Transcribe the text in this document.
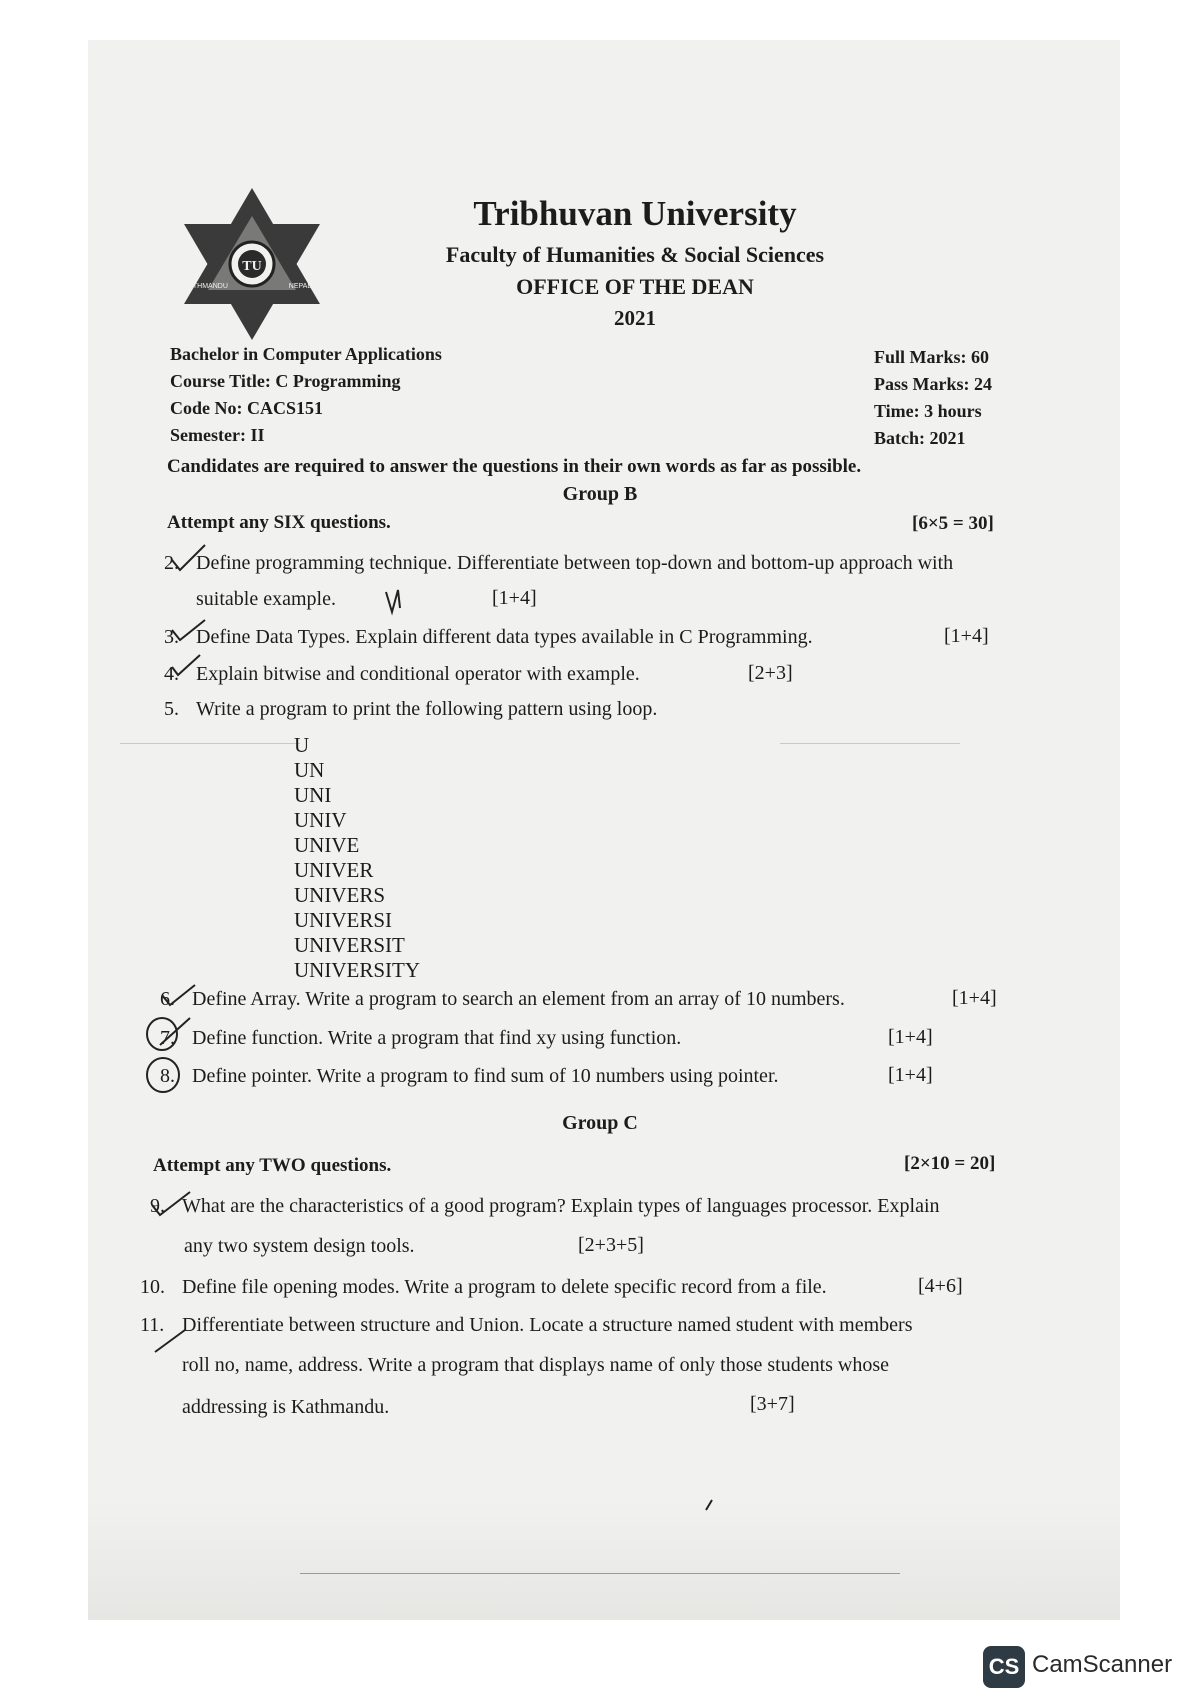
TU
KATHMANDU	NEPAL
Tribhuvan University
Faculty of Humanities & Social Sciences
OFFICE OF THE DEAN
2021
Bachelor in Computer Applications
Course Title: C Programming
Code No: CACS151
Semester: II
Full Marks: 60
Pass Marks: 24
Time: 3 hours
Batch: 2021
Candidates are required to answer the questions in their own words as far as possible.
Group B
Attempt any SIX questions.	[6×5 = 30]
2. Define programming technique. Differentiate between top-down and bottom-up approach with
suitable example.	[1+4]
3. Define Data Types. Explain different data types available in C Programming.	[1+4]
4. Explain bitwise and conditional operator with example.	[2+3]
5. Write a program to print the following pattern using loop.
U
UN
UNI
UNIV
UNIVE
UNIVER
UNIVERS
UNIVERSI
UNIVERSIT
UNIVERSITY
6. Define Array. Write a program to search an element from an array of 10 numbers.	[1+4]
7. Define function. Write a program that find xy using function.	[1+4]
8. Define pointer. Write a program to find sum of 10 numbers using pointer.	[1+4]
Group C
Attempt any TWO questions.	[2×10 = 20]
9. What are the characteristics of a good program? Explain types of languages processor. Explain
any two system design tools.	[2+3+5]
10. Define file opening modes. Write a program to delete specific record from a file.	[4+6]
11. Differentiate between structure and Union. Locate a structure named student with members
roll no, name, address. Write a program that displays name of only those students whose
addressing is Kathmandu.	[3+7]
CS CamScanner
